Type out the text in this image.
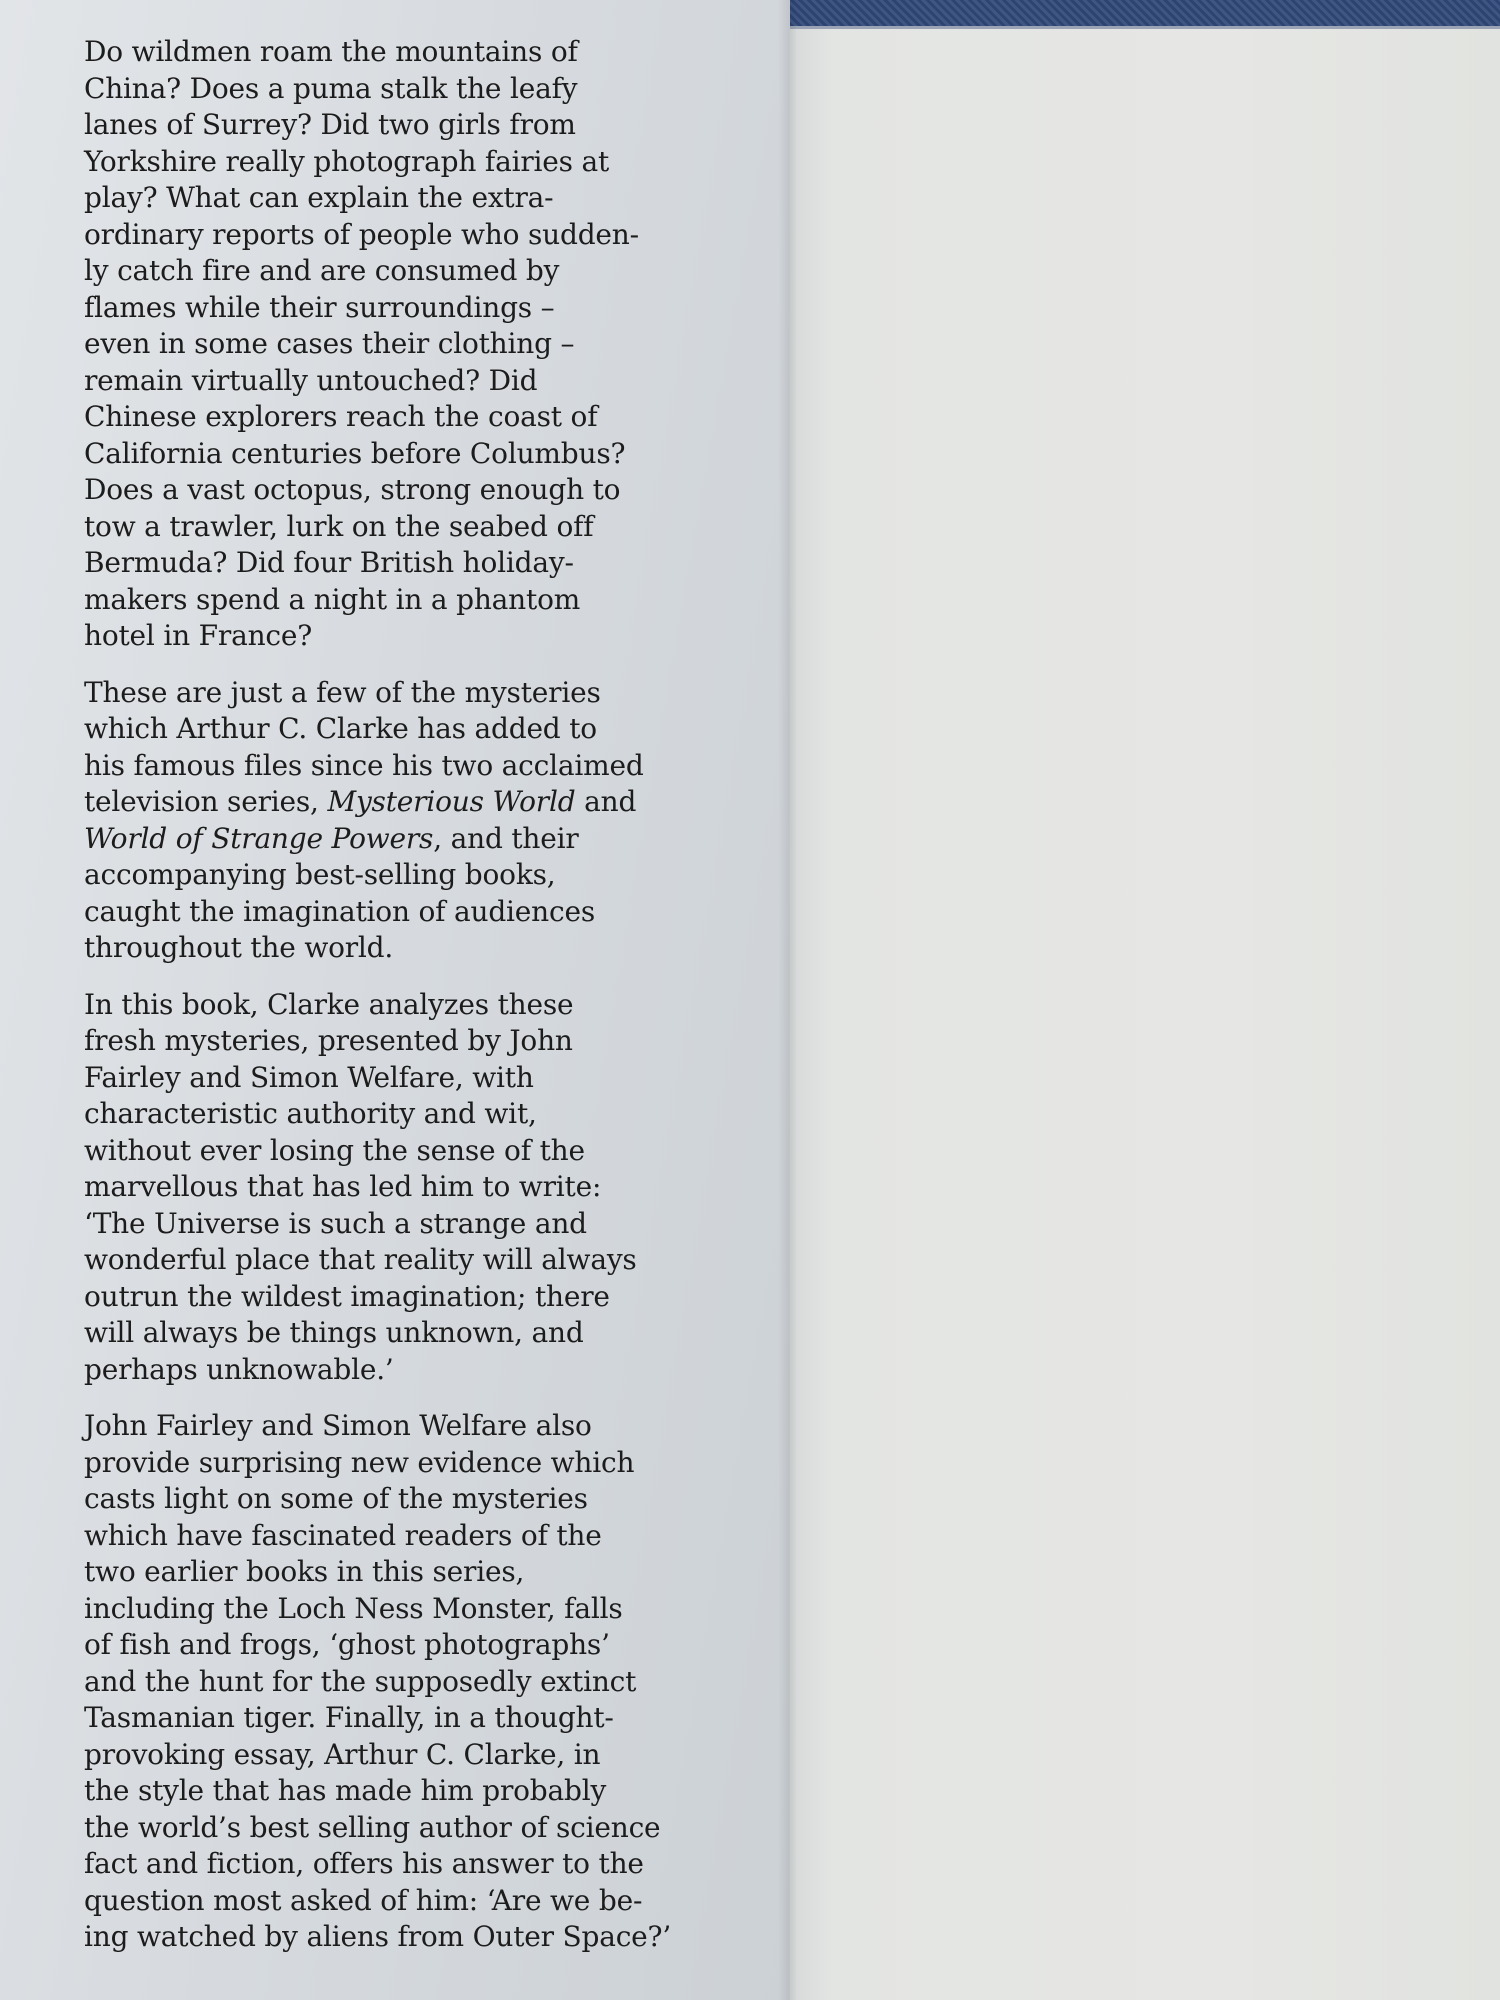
Do wildmen roam the mountains of
China? Does a puma stalk the leafy
lanes of Surrey? Did two girls from
Yorkshire really photograph fairies at
play? What can explain the extra-
ordinary reports of people who sudden-
ly catch fire and are consumed by
flames while their surroundings –
even in some cases their clothing –
remain virtually untouched? Did
Chinese explorers reach the coast of
California centuries before Columbus?
Does a vast octopus, strong enough to
tow a trawler, lurk on the seabed off
Bermuda? Did four British holiday-
makers spend a night in a phantom
hotel in France?

These are just a few of the mysteries
which Arthur C. Clarke has added to
his famous files since his two acclaimed
television series, Mysterious World and
World of Strange Powers, and their
accompanying best-selling books,
caught the imagination of audiences
throughout the world.

In this book, Clarke analyzes these
fresh mysteries, presented by John
Fairley and Simon Welfare, with
characteristic authority and wit,
without ever losing the sense of the
marvellous that has led him to write:
‘The Universe is such a strange and
wonderful place that reality will always
outrun the wildest imagination; there
will always be things unknown, and
perhaps unknowable.’

John Fairley and Simon Welfare also
provide surprising new evidence which
casts light on some of the mysteries
which have fascinated readers of the
two earlier books in this series,
including the Loch Ness Monster, falls
of fish and frogs, ‘ghost photographs’
and the hunt for the supposedly extinct
Tasmanian tiger. Finally, in a thought-
provoking essay, Arthur C. Clarke, in
the style that has made him probably
the world’s best selling author of science
fact and fiction, offers his answer to the
question most asked of him: ‘Are we be-
ing watched by aliens from Outer Space?’
